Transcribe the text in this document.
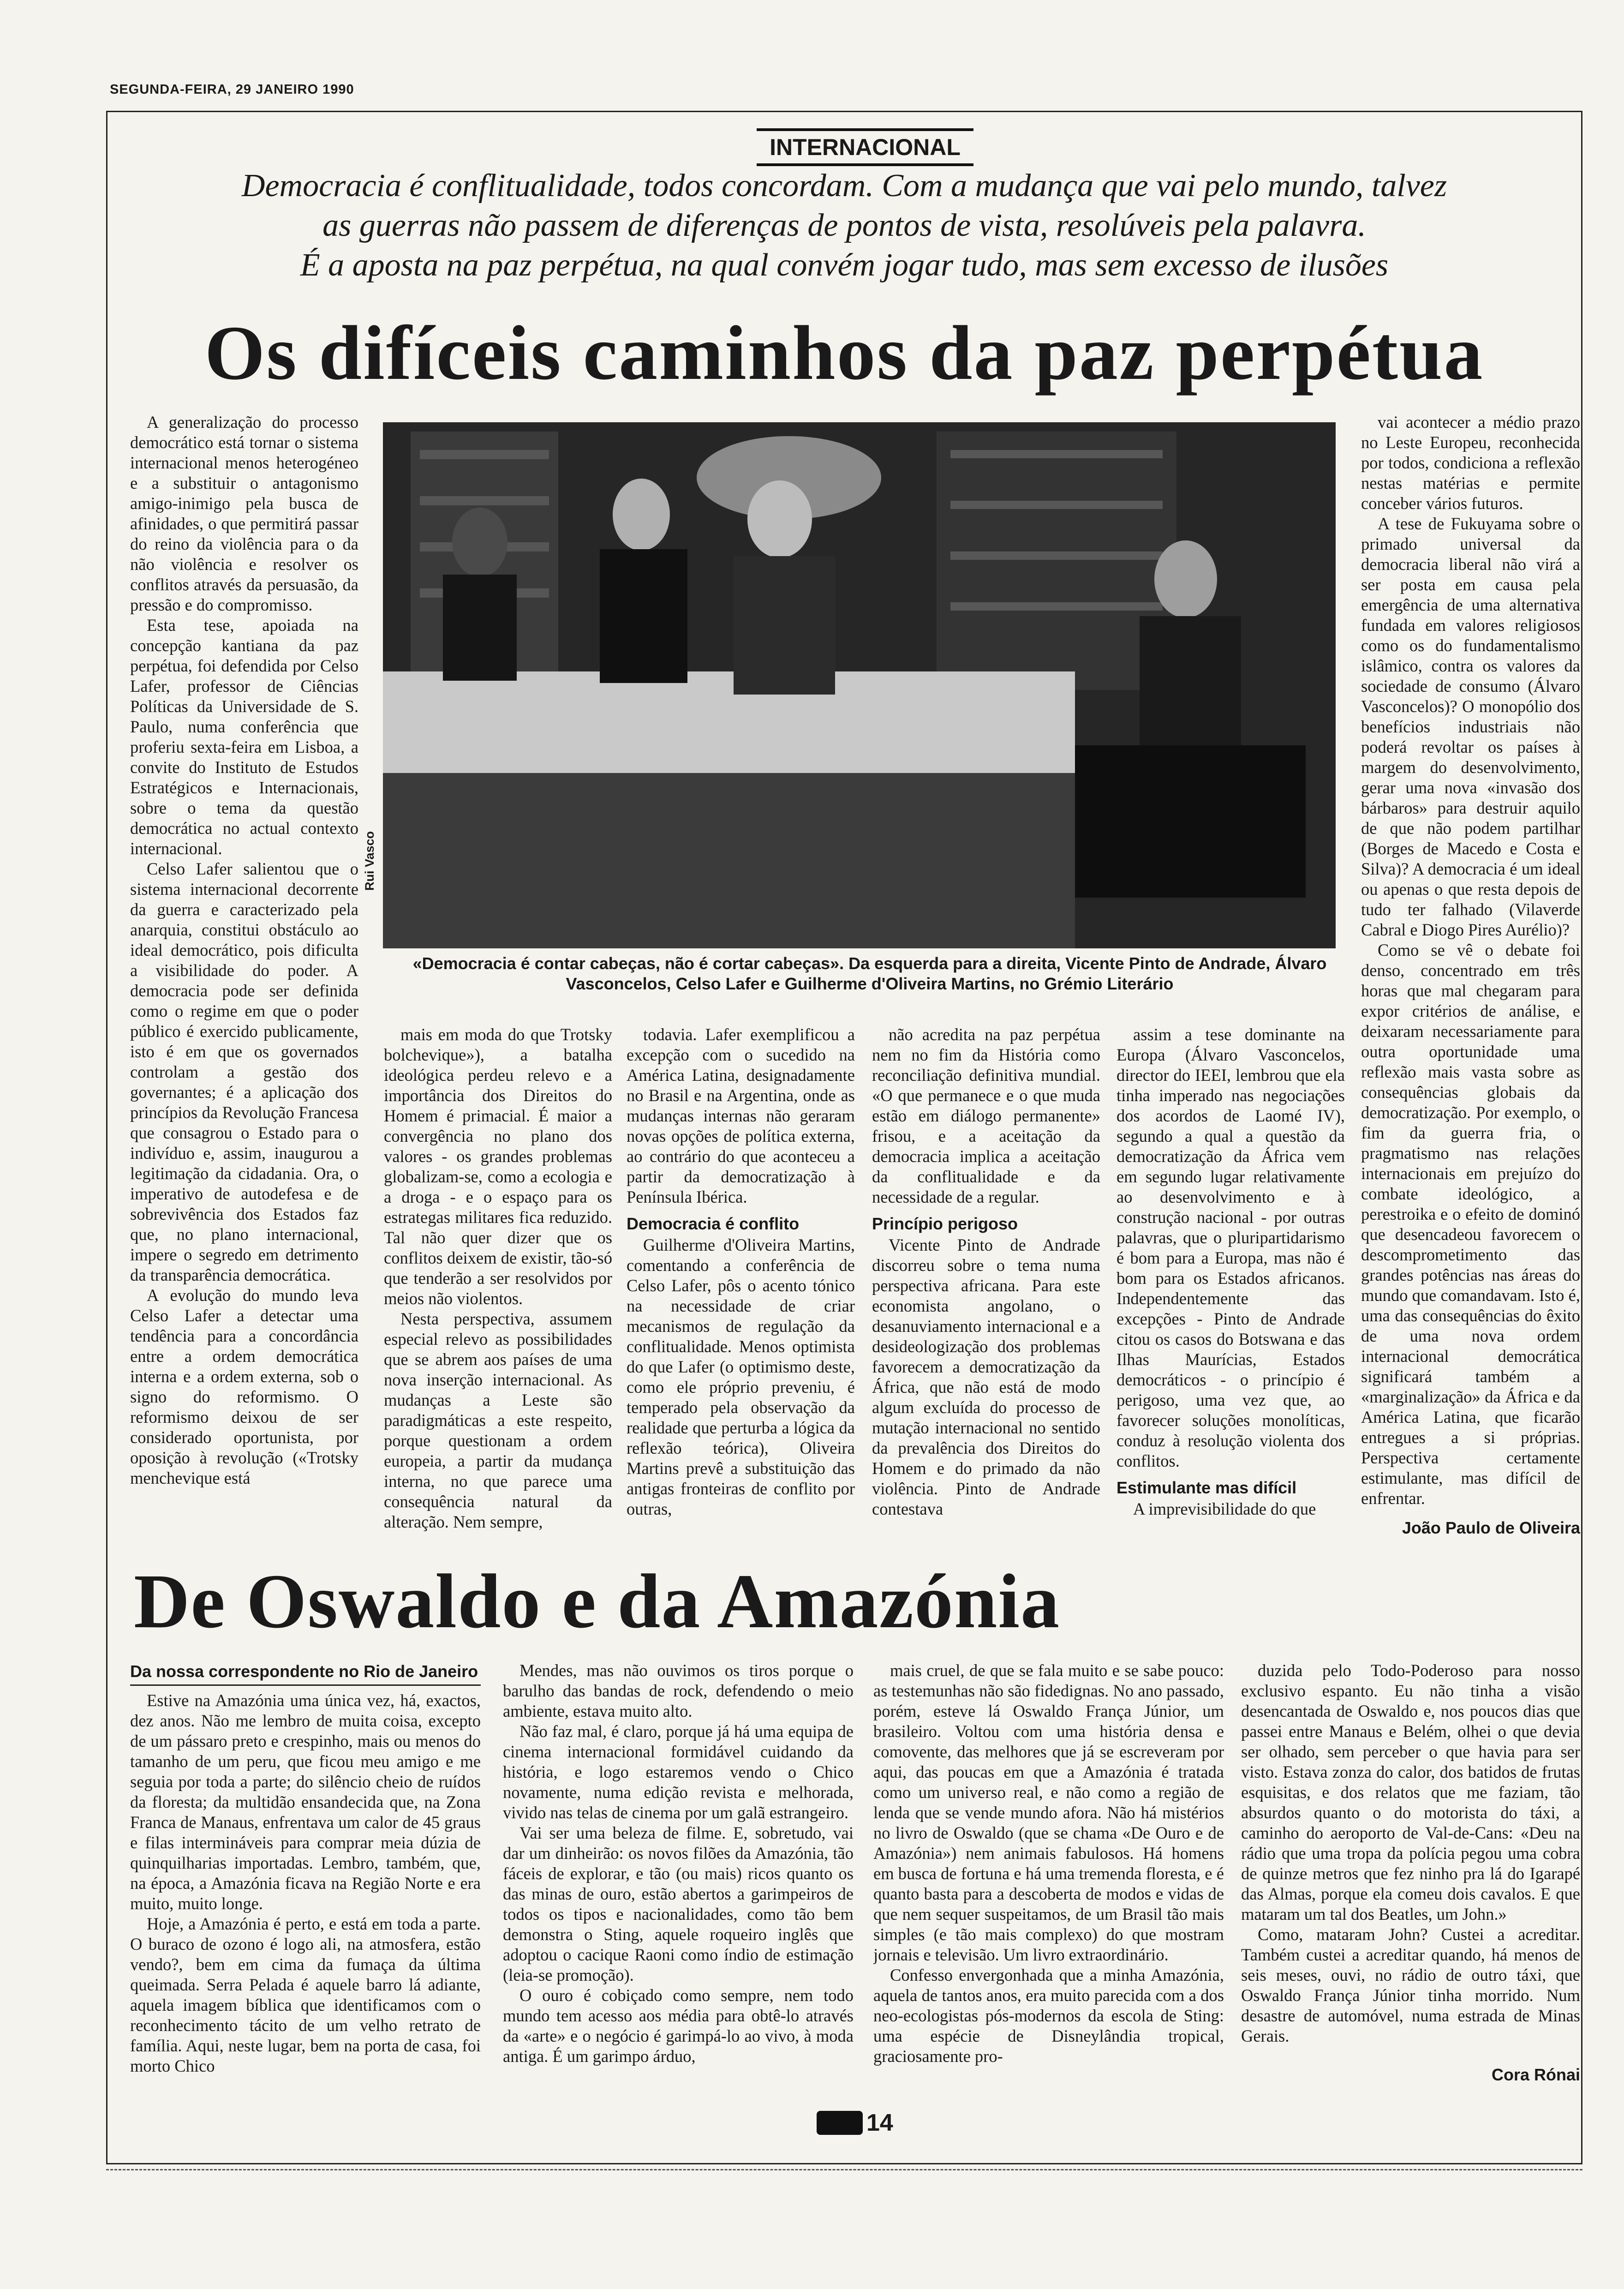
SEGUNDA-FEIRA, 29 JANEIRO 1990
INTERNACIONAL
Democracia é conflitualidade, todos concordam. Com a mudança que vai pelo mundo, talvez
as guerras não passem de diferenças de pontos de vista, resolúveis pela palavra.
É a aposta na paz perpétua, na qual convém jogar tudo, mas sem excesso de ilusões
Os difíceis caminhos da paz perpétua
Rui Vasco
«Democracia é contar cabeças, não é cortar cabeças». Da esquerda para a direita, Vicente Pinto de Andrade, Álvaro Vasconcelos, Celso Lafer e Guilherme d'Oliveira Martins, no Grémio Literário

A generalização do processo democrático está tornar o sistema internacional menos heterogéneo e a substituir o antagonismo amigo-inimigo pela busca de afinidades, o que permitirá passar do reino da violência para o da não violência e resolver os conflitos através da persuasão, da pressão e do compromisso.

Esta tese, apoiada na concepção kantiana da paz perpétua, foi defendida por Celso Lafer, professor de Ciências Políticas da Universidade de S. Paulo, numa conferência que proferiu sexta-feira em Lisboa, a convite do Instituto de Estudos Estratégicos e Internacionais, sobre o tema da questão democrática no actual contexto internacional.

Celso Lafer salientou que o sistema internacional decorrente da guerra e caracterizado pela anarquia, constitui obstáculo ao ideal democrático, pois dificulta a visibilidade do poder. A democracia pode ser definida como o regime em que o poder público é exercido publicamente, isto é em que os governados controlam a gestão dos governantes; é a aplicação dos princípios da Revolução Francesa que consagrou o Estado para o indivíduo e, assim, inaugurou a legitimação da cidadania. Ora, o imperativo de autodefesa e de sobrevivência dos Estados faz que, no plano internacional, impere o segredo em detrimento da transparência democrática.

A evolução do mundo leva Celso Lafer a detectar uma tendência para a concordância entre a ordem democrática interna e a ordem externa, sob o signo do reformismo. O reformismo deixou de ser considerado oportunista, por oposição à revolução («Trotsky menchevique está

mais em moda do que Trotsky bolchevique»), a batalha ideológica perdeu relevo e a importância dos Direitos do Homem é primacial. É maior a convergência no plano dos valores - os grandes problemas globalizam-se, como a ecologia e a droga - e o espaço para os estrategas militares fica reduzido. Tal não quer dizer que os conflitos deixem de existir, tão-só que tenderão a ser resolvidos por meios não violentos.

Nesta perspectiva, assumem especial relevo as possibilidades que se abrem aos países de uma nova inserção internacional. As mudanças a Leste são paradigmáticas a este respeito, porque questionam a ordem europeia, a partir da mudança interna, no que parece uma consequência natural da alteração. Nem sempre,

todavia. Lafer exemplificou a excepção com o sucedido na América Latina, designadamente no Brasil e na Argentina, onde as mudanças internas não geraram novas opções de política externa, ao contrário do que aconteceu a partir da democratização à Península Ibérica.

Democracia é conflito

Guilherme d'Oliveira Martins, comentando a conferência de Celso Lafer, pôs o acento tónico na necessidade de criar mecanismos de regulação da conflitualidade. Menos optimista do que Lafer (o optimismo deste, como ele próprio preveniu, é temperado pela observação da realidade que perturba a lógica da reflexão teórica), Oliveira Martins prevê a substituição das antigas fronteiras de conflito por outras,

não acredita na paz perpétua nem no fim da História como reconciliação definitiva mundial. «O que permanece e o que muda estão em diálogo permanente» frisou, e a aceitação da democracia implica a aceitação da conflitualidade e da necessidade de a regular.

Princípio perigoso

Vicente Pinto de Andrade discorreu sobre o tema numa perspectiva africana. Para este economista angolano, o desanuviamento internacional e a desideologização dos problemas favorecem a democratização da África, que não está de modo algum excluída do processo de mutação internacional no sentido da prevalência dos Direitos do Homem e do primado da não violência. Pinto de Andrade contestava

assim a tese dominante na Europa (Álvaro Vasconcelos, director do IEEI, lembrou que ela tinha imperado nas negociações dos acordos de Laomé IV), segundo a qual a questão da democratização da África vem em segundo lugar relativamente ao desenvolvimento e à construção nacional - por outras palavras, que o pluripartidarismo é bom para a Europa, mas não é bom para os Estados africanos. Independentemente das excepções - Pinto de Andrade citou os casos do Botswana e das Ilhas Maurícias, Estados democráticos - o princípio é perigoso, uma vez que, ao favorecer soluções monolíticas, conduz à resolução violenta dos conflitos.

Estimulante mas difícil

A imprevisibilidade do que

vai acontecer a médio prazo no Leste Europeu, reconhecida por todos, condiciona a reflexão nestas matérias e permite conceber vários futuros.

A tese de Fukuyama sobre o primado universal da democracia liberal não virá a ser posta em causa pela emergência de uma alternativa fundada em valores religiosos como os do fundamentalismo islâmico, contra os valores da sociedade de consumo (Álvaro Vasconcelos)? O monopólio dos benefícios industriais não poderá revoltar os países à margem do desenvolvimento, gerar uma nova «invasão dos bárbaros» para destruir aquilo de que não podem partilhar (Borges de Macedo e Costa e Silva)? A democracia é um ideal ou apenas o que resta depois de tudo ter falhado (Vilaverde Cabral e Diogo Pires Aurélio)?

Como se vê o debate foi denso, concentrado em três horas que mal chegaram para expor critérios de análise, e deixaram necessariamente para outra oportunidade uma reflexão mais vasta sobre as consequências globais da democratização. Por exemplo, o fim da guerra fria, o pragmatismo nas relações internacionais em prejuízo do combate ideológico, a perestroika e o efeito de dominó que desencadeou favorecem o descomprometimento das grandes potências nas áreas do mundo que comandavam. Isto é, uma das consequências do êxito de uma nova ordem internacional democrática significará também a «marginalização» da África e da América Latina, que ficarão entregues a si próprias. Perspectiva certamente estimulante, mas difícil de enfrentar.

João Paulo de Oliveira
De Oswaldo e da Amazónia
Da nossa correspondente no Rio de Janeiro

Estive na Amazónia uma única vez, há, exactos, dez anos. Não me lembro de muita coisa, excepto de um pássaro preto e crespinho, mais ou menos do tamanho de um peru, que ficou meu amigo e me seguia por toda a parte; do silêncio cheio de ruídos da floresta; da multidão ensandecida que, na Zona Franca de Manaus, enfrentava um calor de 45 graus e filas intermináveis para comprar meia dúzia de quinquilharias importadas. Lembro, também, que, na época, a Amazónia ficava na Região Norte e era muito, muito longe.

Hoje, a Amazónia é perto, e está em toda a parte. O buraco de ozono é logo ali, na atmosfera, estão vendo?, bem em cima da fumaça da última queimada. Serra Pelada é aquele barro lá adiante, aquela imagem bíblica que identificamos com o reconhecimento tácito de um velho retrato de família. Aqui, neste lugar, bem na porta de casa, foi morto Chico

Mendes, mas não ouvimos os tiros porque o barulho das bandas de rock, defendendo o meio ambiente, estava muito alto.

Não faz mal, é claro, porque já há uma equipa de cinema internacional formidável cuidando da história, e logo estaremos vendo o Chico novamente, numa edição revista e melhorada, vivido nas telas de cinema por um galã estrangeiro.

Vai ser uma beleza de filme. E, sobretudo, vai dar um dinheirão: os novos filões da Amazónia, tão fáceis de explorar, e tão (ou mais) ricos quanto os das minas de ouro, estão abertos a garimpeiros de todos os tipos e nacionalidades, como tão bem demonstra o Sting, aquele roqueiro inglês que adoptou o cacique Raoni como índio de estimação (leia-se promoção).

O ouro é cobiçado como sempre, nem todo mundo tem acesso aos média para obtê-lo através da «arte» e o negócio é garimpá-lo ao vivo, à moda antiga. É um garimpo árduo,

mais cruel, de que se fala muito e se sabe pouco: as testemunhas não são fidedignas. No ano passado, porém, esteve lá Oswaldo França Júnior, um brasileiro. Voltou com uma história densa e comovente, das melhores que já se escreveram por aqui, das poucas em que a Amazónia é tratada como um universo real, e não como a região de lenda que se vende mundo afora. Não há mistérios no livro de Oswaldo (que se chama «De Ouro e de Amazónia») nem animais fabulosos. Há homens em busca de fortuna e há uma tremenda floresta, e é quanto basta para a descoberta de modos e vidas de que nem sequer suspeitamos, de um Brasil tão mais simples (e tão mais complexo) do que mostram jornais e televisão. Um livro extraordinário.

Confesso envergonhada que a minha Amazónia, aquela de tantos anos, era muito parecida com a dos neo-ecologistas pós-modernos da escola de Sting: uma espécie de Disneylândia tropical, graciosamente pro-

duzida pelo Todo-Poderoso para nosso exclusivo espanto. Eu não tinha a visão desencantada de Oswaldo e, nos poucos dias que passei entre Manaus e Belém, olhei o que devia ser olhado, sem perceber o que havia para ser visto. Estava zonza do calor, dos batidos de frutas esquisitas, e dos relatos que me faziam, tão absurdos quanto o do motorista do táxi, a caminho do aeroporto de Val-de-Cans: «Deu na rádio que uma tropa da polícia pegou uma cobra de quinze metros que fez ninho pra lá do Igarapé das Almas, porque ela comeu dois cavalos. E que mataram um tal dos Beatles, um John.»

Como, mataram John? Custei a acreditar. Também custei a acreditar quando, há menos de seis meses, ouvi, no rádio de outro táxi, que Oswaldo França Júnior tinha morrido. Num desastre de automóvel, numa estrada de Minas Gerais.

Cora Rónai
14
